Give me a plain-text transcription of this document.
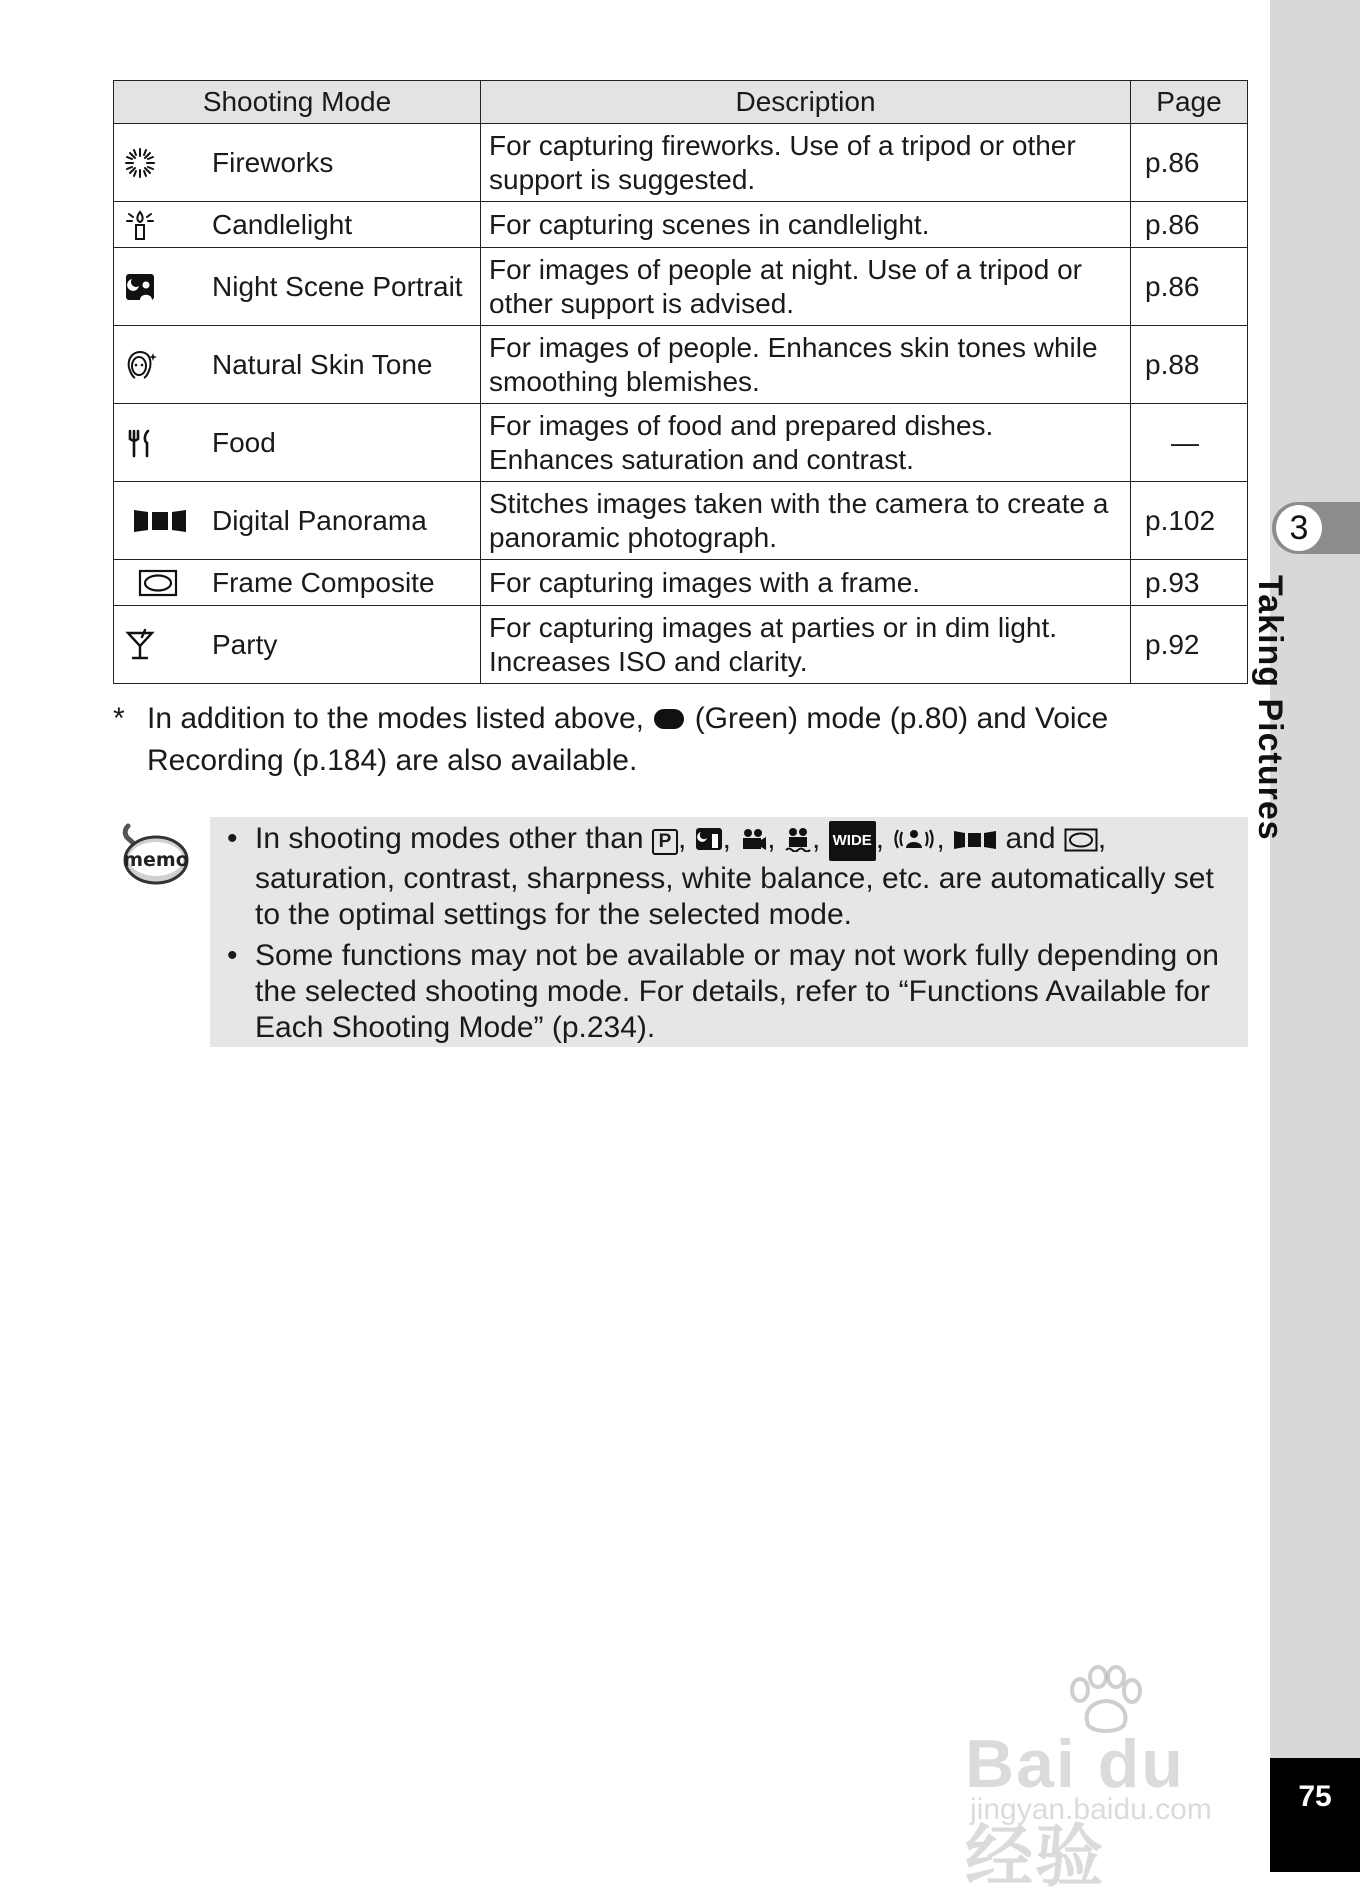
3
Taking Pictures
75
Shooting Mode	Description	Page

Fireworks	For capturing fireworks. Use of a tripod or other support is suggested.	p.86

Candlelight	For capturing scenes in candlelight.	p.86

Night Scene Portrait	For images of people at night. Use of a tripod or other support is advised.	p.86

Natural Skin Tone	For images of people. Enhances skin tones while smoothing blemishes.	p.88

Food	For images of food and prepared dishes. Enhances saturation and contrast.	—

Digital Panorama	Stitches images taken with the camera to create a panoramic photograph.	p.102

Frame Composite	For capturing images with a frame.	p.93

Party	For capturing images at parties or in dim light. Increases ISO and clarity.	p.92
* In addition to the modes listed above, (Green) mode (p.80) and Voice Recording (p.184) are also available.
memo
• In shooting modes other than P , , , , WIDE , ,  and , saturation, contrast, sharpness, white balance, etc. are automatically set to the optimal settings for the selected mode.
• Some functions may not be available or may not work fully depending on the selected shooting mode. For details, refer to “Functions Available for Each Shooting Mode” (p.234).
Bai du 经验
jingyan.baidu.com
